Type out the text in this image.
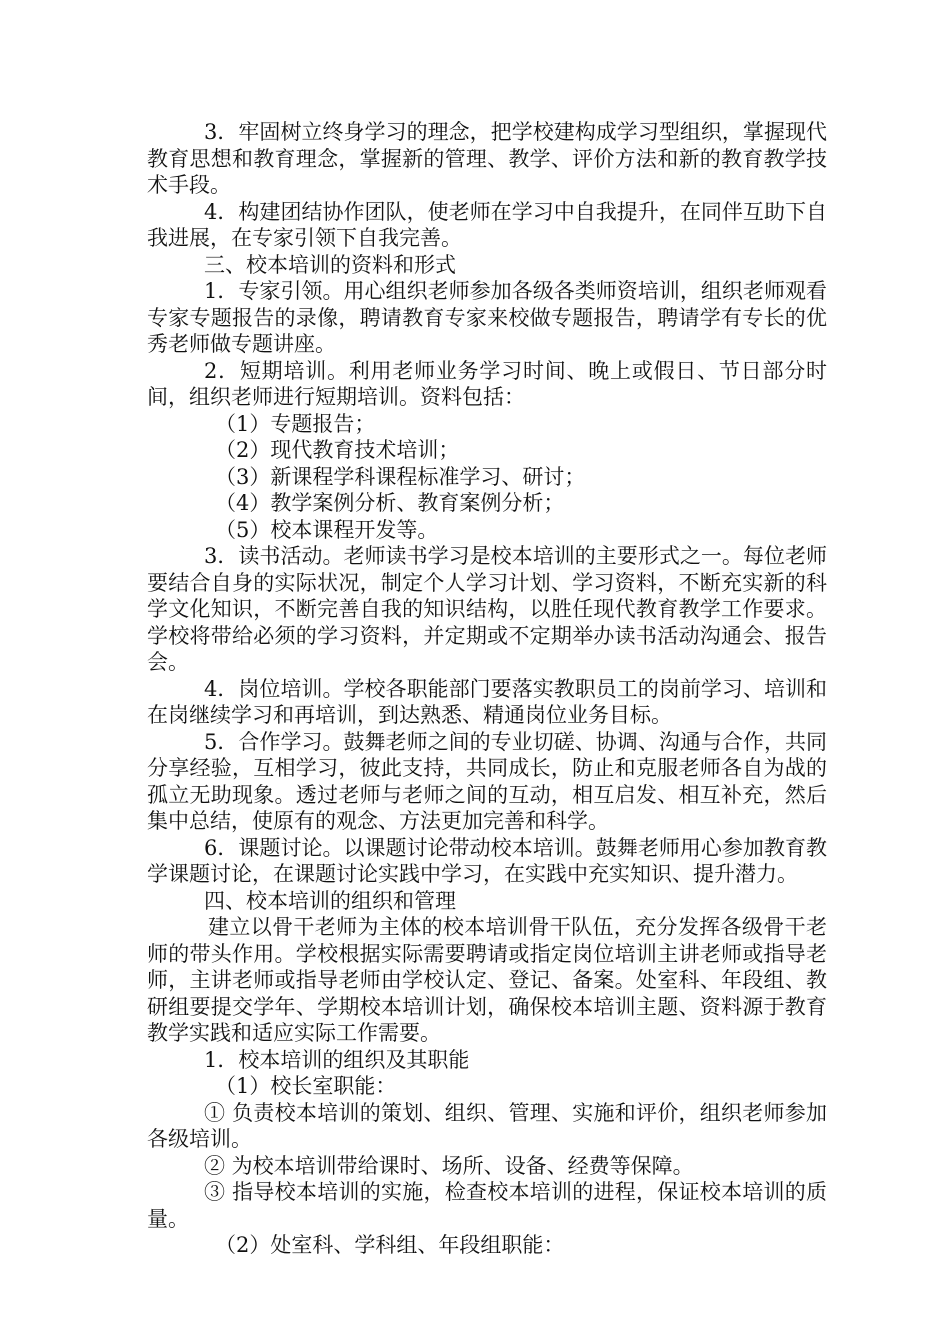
3．牢固树立终身学习的理念，把学校建构成学习型组织，掌握现代教育思想和教育理念，掌握新的管理、教学、评价方法和新的教育教学技术手段。

4．构建团结协作团队，使老师在学习中自我提升，在同伴互助下自我进展，在专家引领下自我完善。

三、校本培训的资料和形式

1．专家引领。用心组织老师参加各级各类师资培训，组织老师观看专家专题报告的录像，聘请教育专家来校做专题报告，聘请学有专长的优秀老师做专题讲座。

2．短期培训。利用老师业务学习时间、晚上或假日、节日部分时间，组织老师进行短期培训。资料包括：

（1）专题报告；

（2）现代教育技术培训；

（3）新课程学科课程标准学习、研讨；

（4）教学案例分析、教育案例分析；

（5）校本课程开发等。

3．读书活动。老师读书学习是校本培训的主要形式之一。每位老师要结合自身的实际状况，制定个人学习计划、学习资料，不断充实新的科学文化知识，不断完善自我的知识结构，以胜任现代教育教学工作要求。学校将带给必须的学习资料，并定期或不定期举办读书活动沟通会、报告会。

4．岗位培训。学校各职能部门要落实教职员工的岗前学习、培训和在岗继续学习和再培训，到达熟悉、精通岗位业务目标。

5．合作学习。鼓舞老师之间的专业切磋、协调、沟通与合作，共同分享经验，互相学习，彼此支持，共同成长，防止和克服老师各自为战的孤立无助现象。透过老师与老师之间的互动，相互启发、相互补充，然后集中总结，使原有的观念、方法更加完善和科学。

6．课题讨论。以课题讨论带动校本培训。鼓舞老师用心参加教育教学课题讨论，在课题讨论实践中学习，在实践中充实知识、提升潜力。

四、校本培训的组织和管理

建立以骨干老师为主体的校本培训骨干队伍，充分发挥各级骨干老师的带头作用。学校根据实际需要聘请或指定岗位培训主讲老师或指导老师，主讲老师或指导老师由学校认定、登记、备案。处室科、年段组、教研组要提交学年、学期校本培训计划，确保校本培训主题、资料源于教育教学实践和适应实际工作需要。

1．校本培训的组织及其职能

（1）校长室职能：

① 负责校本培训的策划、组织、管理、实施和评价，组织老师参加各级培训。

② 为校本培训带给课时、场所、设备、经费等保障。

③ 指导校本培训的实施，检查校本培训的进程，保证校本培训的质量。

（2）处室科、学科组、年段组职能：
